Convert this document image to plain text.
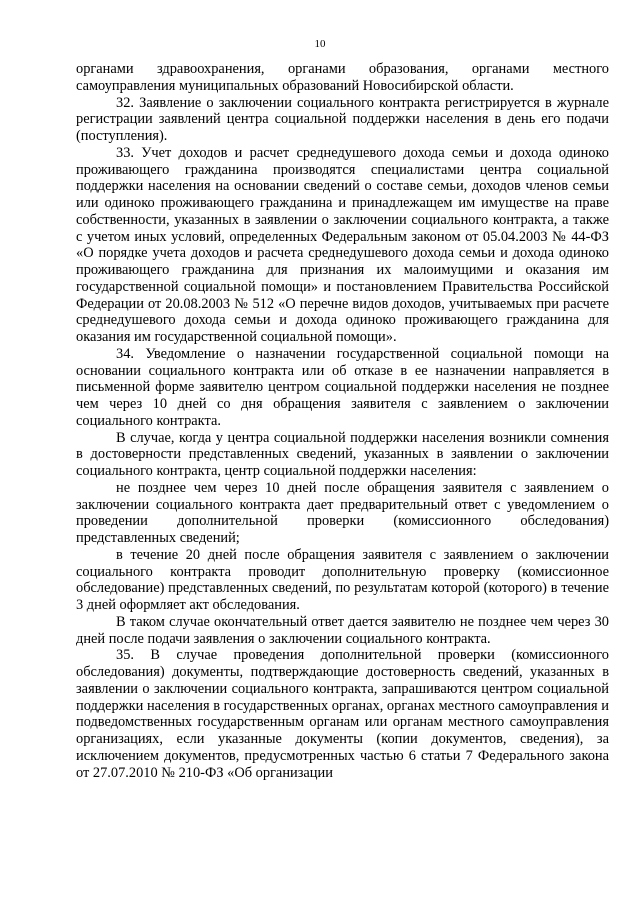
10

органами здравоохранения, органами образования, органами местного самоуправления муниципальных образований Новосибирской области.

32. Заявление о заключении социального контракта регистрируется в журнале регистрации заявлений центра социальной поддержки населения в день его подачи (поступления).

33. Учет доходов и расчет среднедушевого дохода семьи и дохода одиноко проживающего гражданина производятся специалистами центра социальной поддержки населения на основании сведений о составе семьи, доходов членов семьи или одиноко проживающего гражданина и принадлежащем им имуществе на праве собственности, указанных в заявлении о заключении социального контракта, а также с учетом иных условий, определенных Федеральным законом от 05.04.2003 № 44-ФЗ «О порядке учета доходов и расчета среднедушевого дохода семьи и дохода одиноко проживающего гражданина для признания их малоимущими и оказания им государственной социальной помощи» и постановлением Правительства Российской Федерации от 20.08.2003 № 512 «О перечне видов доходов, учитываемых при расчете среднедушевого дохода семьи и дохода одиноко проживающего гражданина для оказания им государственной социальной помощи».

34. Уведомление о назначении государственной социальной помощи на основании социального контракта или об отказе в ее назначении направляется в письменной форме заявителю центром социальной поддержки населения не позднее чем через 10 дней со дня обращения заявителя с заявлением о заключении социального контракта.

В случае, когда у центра социальной поддержки населения возникли сомнения в достоверности представленных сведений, указанных в заявлении о заключении социального контракта, центр социальной поддержки населения:

не позднее чем через 10 дней после обращения заявителя с заявлением о заключении социального контракта дает предварительный ответ с уведомлением о проведении дополнительной проверки (комиссионного обследования) представленных сведений;

в течение 20 дней после обращения заявителя с заявлением о заключении социального контракта проводит дополнительную проверку (комиссионное обследование) представленных сведений, по результатам которой (которого) в течение 3 дней оформляет акт обследования.

В таком случае окончательный ответ дается заявителю не позднее чем через 30 дней после подачи заявления о заключении социального контракта.

35. В случае проведения дополнительной проверки (комиссионного обследования) документы, подтверждающие достоверность сведений, указанных в заявлении о заключении социального контракта, запрашиваются центром социальной поддержки населения в государственных органах, органах местного самоуправления и подведомственных государственным органам или органам местного самоуправления организациях, если указанные документы (копии документов, сведения), за исключением документов, предусмотренных частью 6 статьи 7 Федерального закона от 27.07.2010 № 210-ФЗ «Об организации
